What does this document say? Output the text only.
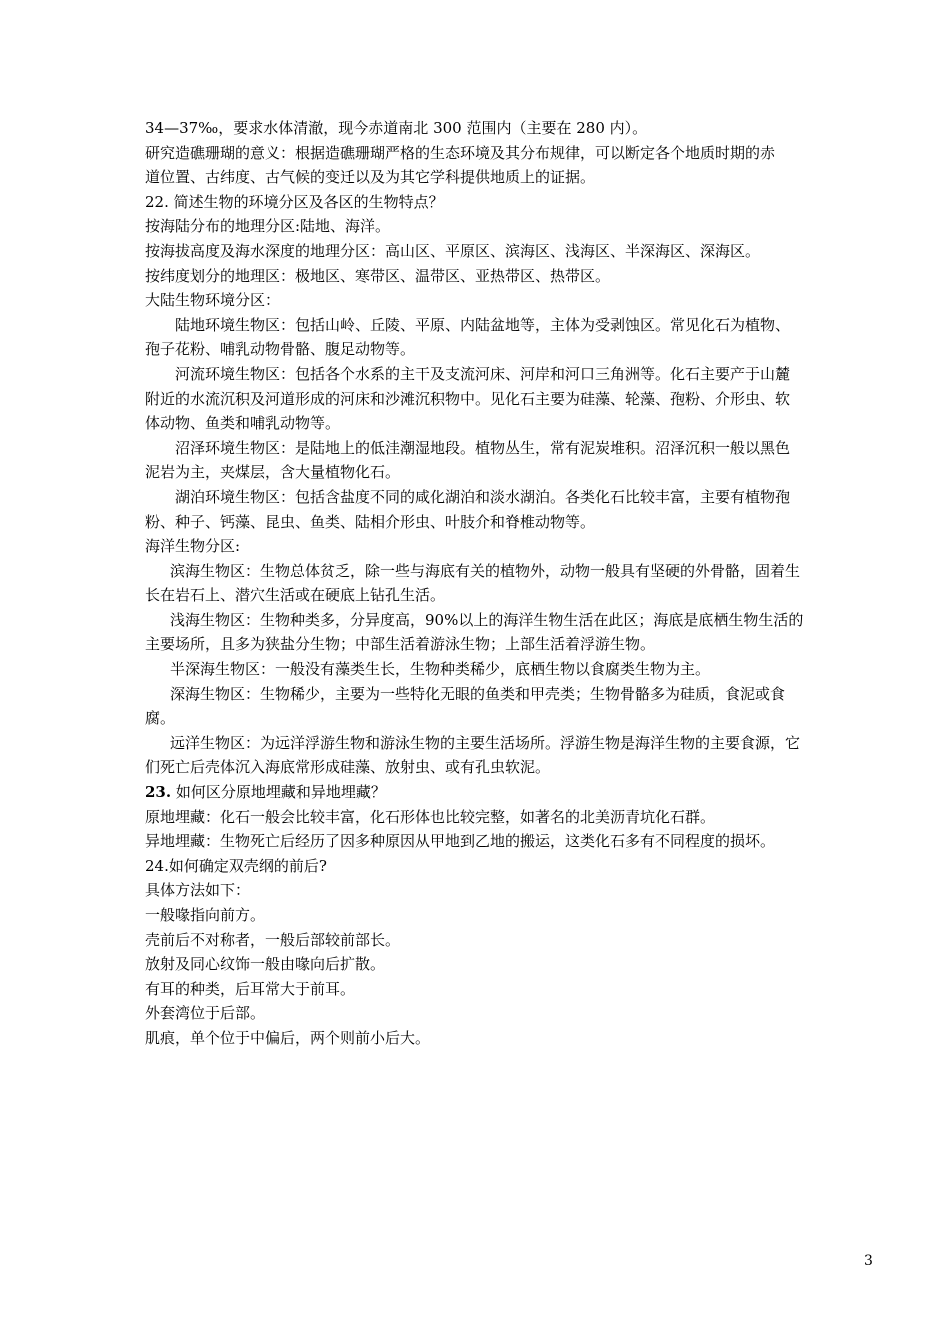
34—37‰，要求水体清澈，现今赤道南北 300 范围内（主要在 280 内）。
研究造礁珊瑚的意义：根据造礁珊瑚严格的生态环境及其分布规律，可以断定各个地质时期的赤
道位置、古纬度、古气候的变迁以及为其它学科提供地质上的证据。
22. 简述生物的环境分区及各区的生物特点？
按海陆分布的地理分区:陆地、海洋。
按海拔高度及海水深度的地理分区：高山区、平原区、滨海区、浅海区、半深海区、深海区。
按纬度划分的地理区：极地区、寒带区、温带区、亚热带区、热带区。
大陆生物环境分区：
陆地环境生物区：包括山岭、丘陵、平原、内陆盆地等，主体为受剥蚀区。常见化石为植物、
孢子花粉、哺乳动物骨骼、腹足动物等。
河流环境生物区：包括各个水系的主干及支流河床、河岸和河口三角洲等。化石主要产于山麓
附近的水流沉积及河道形成的河床和沙滩沉积物中。见化石主要为硅藻、轮藻、孢粉、介形虫、软
体动物、鱼类和哺乳动物等。
沼泽环境生物区：是陆地上的低洼潮湿地段。植物丛生，常有泥炭堆积。沼泽沉积一般以黑色
泥岩为主，夹煤层，含大量植物化石。
湖泊环境生物区：包括含盐度不同的咸化湖泊和淡水湖泊。各类化石比较丰富，主要有植物孢
粉、种子、钙藻、昆虫、鱼类、陆相介形虫、叶肢介和脊椎动物等。
海洋生物分区:
滨海生物区：生物总体贫乏，除一些与海底有关的植物外，动物一般具有坚硬的外骨骼，固着生
长在岩石上、潜穴生活或在硬底上钻孔生活。
浅海生物区：生物种类多，分异度高，90%以上的海洋生物生活在此区；海底是底栖生物生活的
主要场所，且多为狭盐分生物；中部生活着游泳生物；上部生活着浮游生物。
半深海生物区：一般没有藻类生长，生物种类稀少，底栖生物以食腐类生物为主。
深海生物区：生物稀少，主要为一些特化无眼的鱼类和甲壳类；生物骨骼多为硅质，食泥或食
腐。
远洋生物区：为远洋浮游生物和游泳生物的主要生活场所。浮游生物是海洋生物的主要食源，它
们死亡后壳体沉入海底常形成硅藻、放射虫、或有孔虫软泥。
23. 如何区分原地埋藏和异地埋藏？
原地埋藏：化石一般会比较丰富，化石形体也比较完整，如著名的北美沥青坑化石群。
异地埋藏：生物死亡后经历了因多种原因从甲地到乙地的搬运，这类化石多有不同程度的损坏。
24.如何确定双壳纲的前后?
具体方法如下：
一般喙指向前方。
壳前后不对称者，一般后部较前部长。
放射及同心纹饰一般由喙向后扩散。
有耳的种类，后耳常大于前耳。
外套湾位于后部。
肌痕，单个位于中偏后，两个则前小后大。
3
